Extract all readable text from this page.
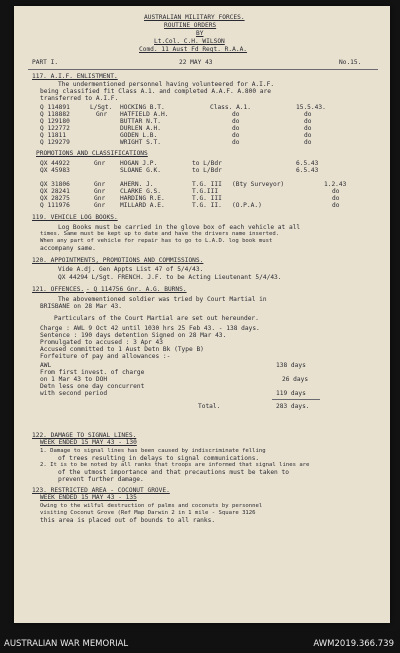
AUSTRALIAN MILITARY FORCES.
ROUTINE ORDERS
BY
Lt.Col. C.H. WILSON
Comd. 11 Aust Fd Regt. R.A.A.
PART I.	22 MAY 43	No.15.
117. A.I.F. ENLISTMENT.
The undermentioned personnel having volunteered for A.I.F.
being classified fit Class A.1. and completed A.A.F. A.800 are
transferred to A.I.F.
Q 114891	L/Sgt. HOCKING B.T.	Class. A.1.	15.5.43.
Q 118882	Gnr HATFIELD A.H.	do	do
Q 129180	BUTTAR N.T.	do	do
Q 122772	DURLEN A.H.	do	do
Q 11811	GODEN L.B.	do	do
Q 129279	WRIGHT S.T.	do	do
PROMOTIONS AND CLASSIFICATIONS
QX 44922	Gnr HOGAN J.P.	to L/Bdr	6.5.43
QX 45983	SLOANE G.K.	to L/Bdr	6.5.43
QX 31806	Gnr AHERN. J.	T.G. III (Bty Surveyor)	1.2.43
QX 28241	Gnr CLARKE G.S.	T.G.III	do
QX 28275	Gnr HARDING R.E.	T.G. III	do
Q 111976	Gnr MILLARD A.E.	T.G. II. (O.P.A.)	do
119. VEHICLE LOG BOOKS.
Log Books must be carried in the glove box of each vehicle at all
times. Same must be kept up to date and have the drivers name inserted.
When any part of vehicle for repair has to go to L.A.D. log book must
accompany same.
120. APPOINTMENTS, PROMOTIONS AND COMMISSIONS.
Vide A.dj. Gen Appts List 47 of 5/4/43.
QX 44294 L/Sgt. FRENCH. J.F. to be Acting Lieutenant 5/4/43.
121. OFFENCES. - Q 114756 Gnr. A.G. BURNS.
The abovementioned soldier was tried by Court Martial in
BRISBANE on 28 Mar 43.
Particulars of the Court Martial are set out hereunder.
Charge : AWL 9 Oct 42 until 1030 hrs 25 Feb 43. - 138 days.
Sentence : 190 days detention Signed on 28 Mar 43.
Promulgated to accused : 3 Apr 43
Accused committed to 1 Aust Detn Bk (Type B)
Forfeiture of pay and allowances :-
AWL	138 days
From first invest. of charge
on 1 Mar 43 to DOH	26 days
Detn less one day concurrent
with second period	119 days
Total.	283 days.
122. DAMAGE TO SIGNAL LINES.
WEEK ENDED 15 MAY 43 - 130
1. Damage to signal lines has been caused by indiscriminate felling
of trees resulting in delays to signal communications.
2. It is to be noted by all ranks that troops are informed that signal lines are
of the utmost importance and that precautions must be taken to
prevent further damage.
123. RESTRICTED AREA - COCONUT GROVE.
WEEK ENDED 15 MAY 43 - 135
Owing to the wilful destruction of palms and coconuts by personnel
visiting Coconut Grove (Ref Map Darwin 2 in 1 mile - Square 3126
this area is placed out of bounds to all ranks.
AUSTRALIAN WAR MEMORIAL	AWM2019.366.739
